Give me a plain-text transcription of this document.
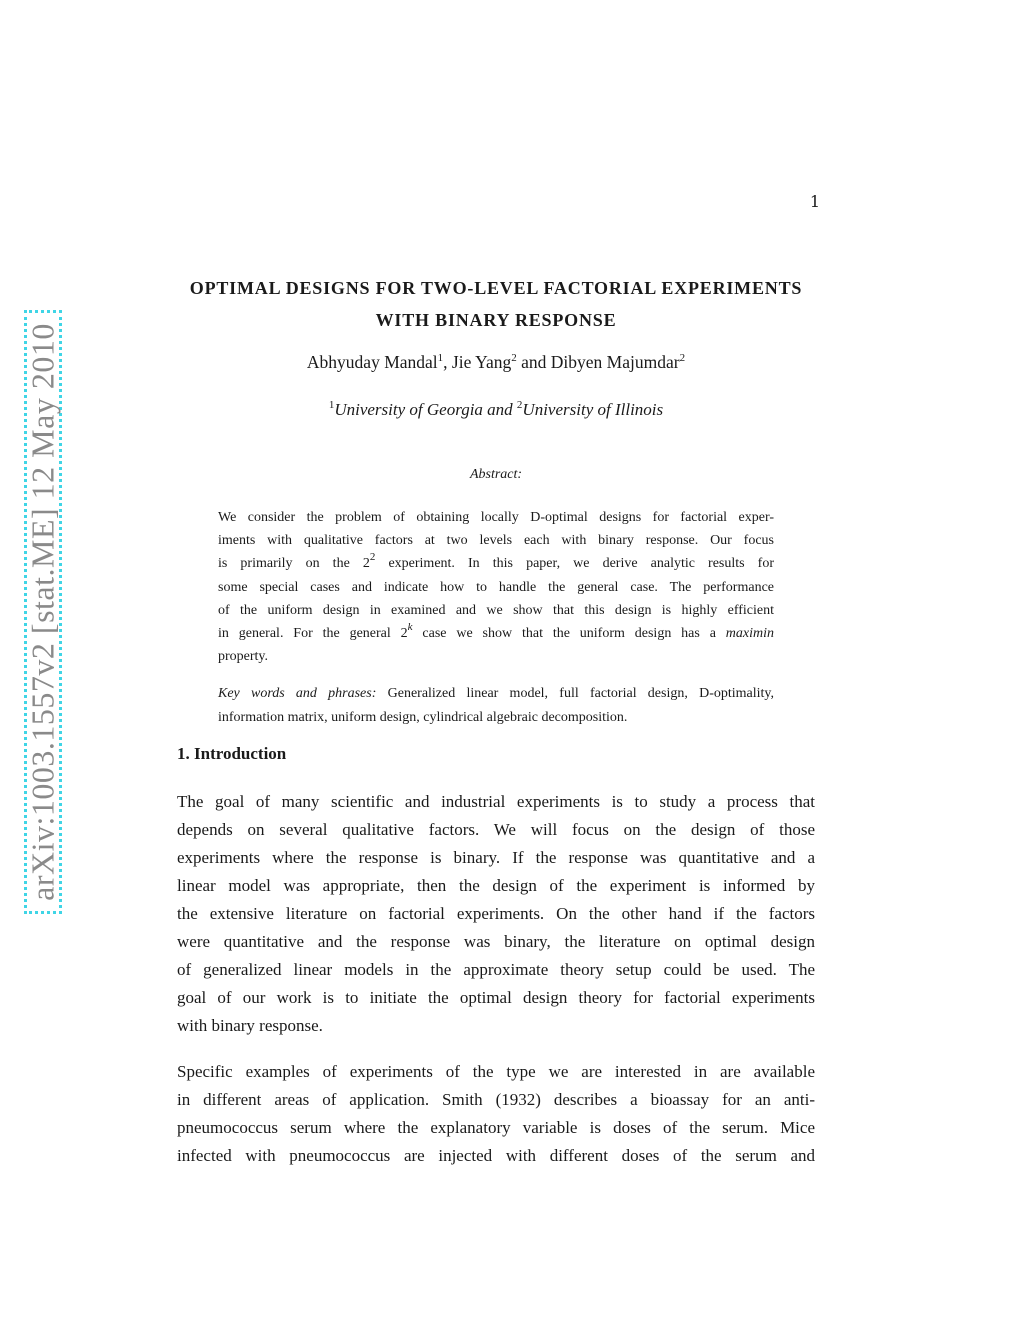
1
arXiv:1003.1557v2 [stat.ME] 12 May 2010
OPTIMAL DESIGNS FOR TWO-LEVEL FACTORIAL EXPERIMENTS
WITH BINARY RESPONSE
Abhyuday Mandal$^1$, Jie Yang$^2$ and Dibyen Majumdar$^2$
$^1$University of Georgia and $^2$University of Illinois
Abstract:
We consider the problem of obtaining locally D-optimal designs for factorial exper-
iments with qualitative factors at two levels each with binary response. Our focus
is primarily on the $2^2$ experiment. In this paper, we derive analytic results for
some special cases and indicate how to handle the general case. The performance
of the uniform design in examined and we show that this design is highly efficient
in general. For the general 2$^k$ case we show that the uniform design has a maximin
property.
Key words and phrases: Generalized linear model, full factorial design, D-optimality,
information matrix, uniform design, cylindrical algebraic decomposition.
1. Introduction
The goal of many scientific and industrial experiments is to study a process that
depends on several qualitative factors. We will focus on the design of those
experiments where the response is binary. If the response was quantitative and a
linear model was appropriate, then the design of the experiment is informed by
the extensive literature on factorial experiments. On the other hand if the factors
were quantitative and the response was binary, the literature on optimal design
of generalized linear models in the approximate theory setup could be used. The
goal of our work is to initiate the optimal design theory for factorial experiments
with binary response.
Specific examples of experiments of the type we are interested in are available
in different areas of application. Smith (1932) describes a bioassay for an anti-
pneumococcus serum where the explanatory variable is doses of the serum. Mice
infected with pneumococcus are injected with different doses of the serum and
